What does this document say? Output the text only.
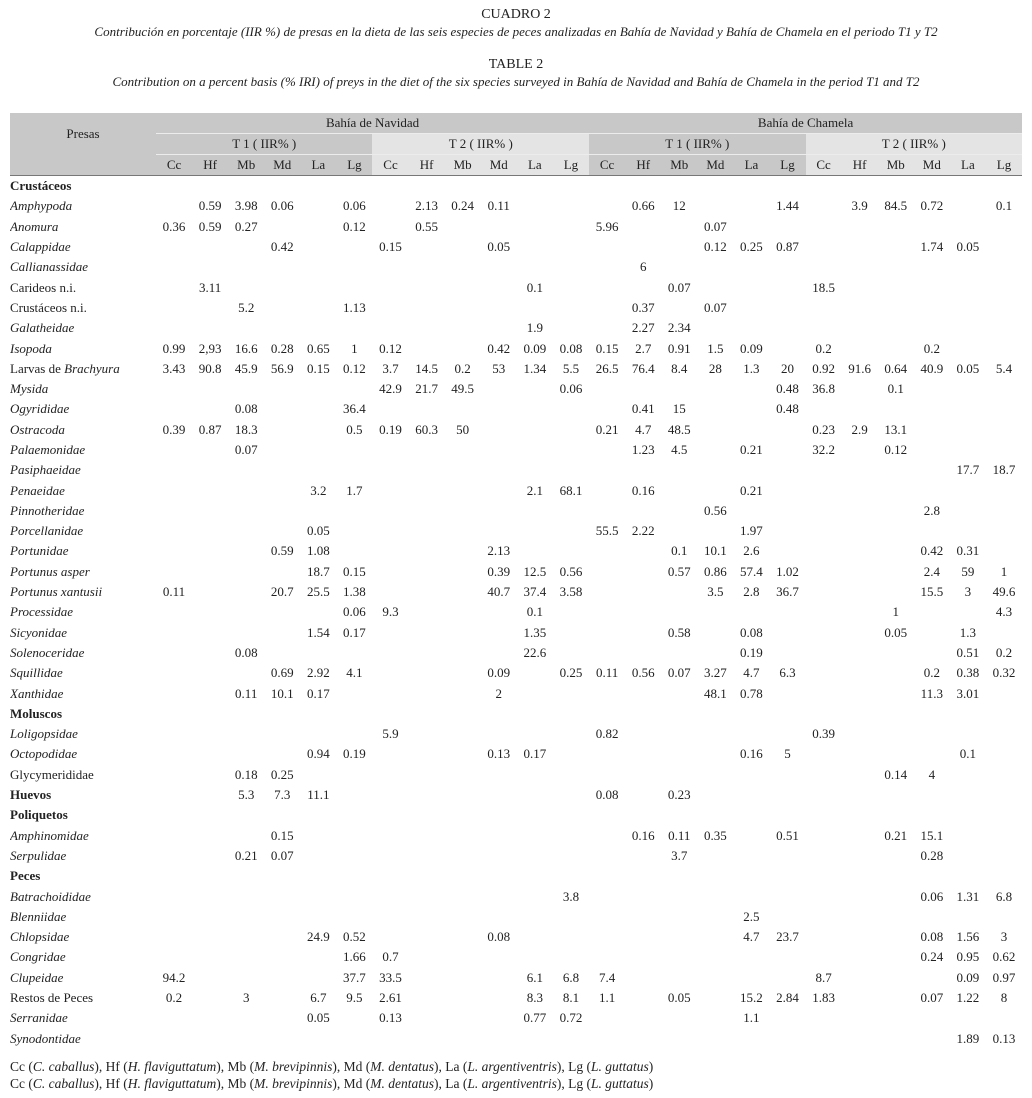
CUADRO 2
Contribución en porcentaje (IIR %) de presas en la dieta de las seis especies de peces analizadas en Bahía de Navidad y Bahía de Chamela en el periodo T1 y T2
TABLE 2
Contribution on a percent basis (% IRI) of preys in the diet of the six species surveyed in Bahía de Navidad and Bahía de Chamela in the period T1 and T2
Presas	Bahía de Navidad												Bahía de Chamela											
	T 1 ( IIR% )						T 2 ( IIR% )						T 1 ( IIR% )						T 2 ( IIR% )					
	Cc	Hf	Mb	Md	La	Lg	Cc	Hf	Mb	Md	La	Lg	Cc	Hf	Mb	Md	La	Lg	Cc	Hf	Mb	Md	La	Lg
Crustáceos																								
Amphypoda		0.59	3.98	0.06		0.06		2.13	0.24	0.11				0.66	12			1.44		3.9	84.5	0.72		0.1
Anomura	0.36	0.59	0.27			0.12		0.55					5.96			0.07								
Calappidae				0.42			0.15			0.05						0.12	0.25	0.87				1.74	0.05	
Callianassidae														6										
Carideos n.i.		3.11									0.1				0.07				18.5					
Crustáceos n.i.			5.2			1.13								0.37		0.07								
Galatheidae											1.9			2.27	2.34									
Isopoda	0.99	2,93	16.6	0.28	0.65	1	0.12			0.42	0.09	0.08	0.15	2.7	0.91	1.5	0.09		0.2			0.2		
Larvas de Brachyura	3.43	90.8	45.9	56.9	0.15	0.12	3.7	14.5	0.2	53	1.34	5.5	26.5	76.4	8.4	28	1.3	20	0.92	91.6	0.64	40.9	0.05	5.4
Mysida							42.9	21.7	49.5			0.06						0.48	36.8		0.1			
Ogyrididae			0.08			36.4								0.41	15			0.48						
Ostracoda	0.39	0.87	18.3			0.5	0.19	60.3	50				0.21	4.7	48.5				0.23	2.9	13.1			
Palaemonidae			0.07											1.23	4.5		0.21		32.2		0.12			
Pasiphaeidae																							17.7	18.7
Penaeidae					3.2	1.7					2.1	68.1		0.16			0.21							
Pinnotheridae																0.56						2.8		
Porcellanidae					0.05								55.5	2.22			1.97							
Portunidae				0.59	1.08					2.13					0.1	10.1	2.6					0.42	0.31	
Portunus asper					18.7	0.15				0.39	12.5	0.56			0.57	0.86	57.4	1.02				2.4	59	1
Portunus xantusii	0.11			20.7	25.5	1.38				40.7	37.4	3.58				3.5	2.8	36.7				15.5	3	49.6
Processidae						0.06	9.3				0.1										1			4.3
Sicyonidae					1.54	0.17					1.35				0.58		0.08				0.05		1.3	
Solenoceridae			0.08								22.6						0.19						0.51	0.2
Squillidae				0.69	2.92	4.1				0.09		0.25	0.11	0.56	0.07	3.27	4.7	6.3				0.2	0.38	0.32
Xanthidae			0.11	10.1	0.17					2						48.1	0.78					11.3	3.01	
Moluscos																								
Loligopsidae							5.9						0.82						0.39					
Octopodidae					0.94	0.19				0.13	0.17						0.16	5					0.1	
Glycymerididae			0.18	0.25																	0.14	4		
Huevos			5.3	7.3	11.1								0.08		0.23									
Poliquetos																								
Amphinomidae				0.15										0.16	0.11	0.35		0.51			0.21	15.1		
Serpulidae			0.21	0.07											3.7							0.28		
Peces																								
Batrachoididae												3.8										0.06	1.31	6.8
Blenniidae																	2.5							
Chlopsidae					24.9	0.52				0.08							4.7	23.7				0.08	1.56	3
Congridae						1.66	0.7															0.24	0.95	0.62
Clupeidae	94.2					37.7	33.5				6.1	6.8	7.4						8.7				0.09	0.97
Restos de Peces	0.2		3		6.7	9.5	2.61				8.3	8.1	1.1		0.05		15.2	2.84	1.83			0.07	1.22	8
Serranidae					0.05		0.13				0.77	0.72					1.1							
Synodontidae																							1.89	0.13
Cc (C. caballus), Hf (H. flaviguttatum), Mb (M. brevipinnis), Md (M. dentatus), La (L. argentiventris), Lg (L. guttatus)
Cc (C. caballus), Hf (H. flaviguttatum), Mb (M. brevipinnis), Md (M. dentatus), La (L. argentiventris), Lg (L. guttatus)
